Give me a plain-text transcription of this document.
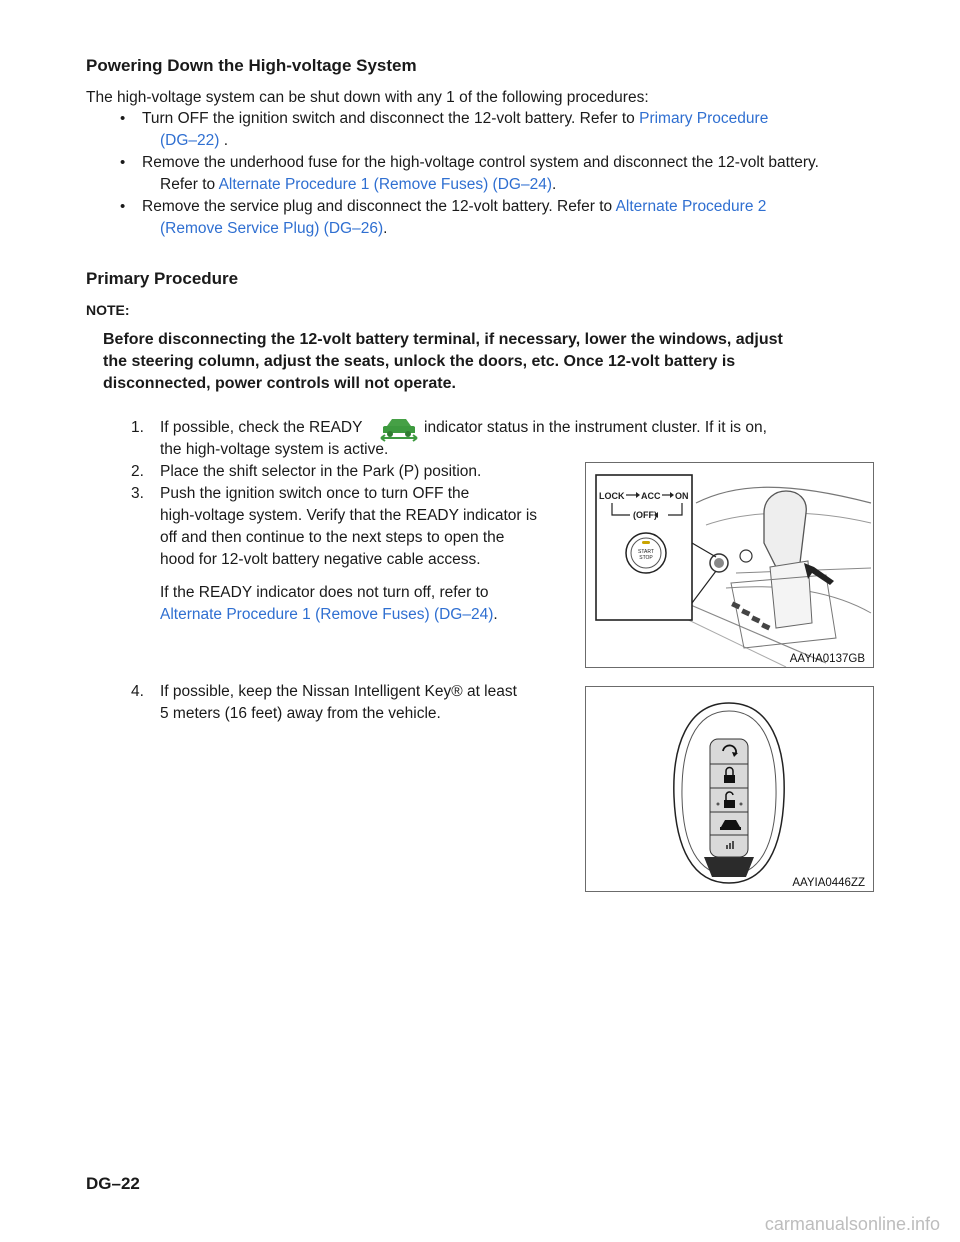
Powering Down the High-voltage System
The high-voltage system can be shut down with any 1 of the following procedures:
• Turn OFF the ignition switch and disconnect the 12-volt battery. Refer to Primary Procedure
(DG–22) .
• Remove the underhood fuse for the high-voltage control system and disconnect the 12-volt battery.
Refer to Alternate Procedure 1 (Remove Fuses) (DG–24).
• Remove the service plug and disconnect the 12-volt battery. Refer to Alternate Procedure 2
(Remove Service Plug) (DG–26).
Primary Procedure
NOTE:
Before disconnecting the 12-volt battery terminal, if necessary, lower the windows, adjust
the steering column, adjust the seats, unlock the doors, etc. Once 12-volt battery is
disconnected, power controls will not operate.
1. If possible, check the READY	indicator status in the instrument cluster. If it is on,
the high-voltage system is active.
2. Place the shift selector in the Park (P) position.
3. Push the ignition switch once to turn OFF the
high-voltage system. Verify that the READY indicator is
off and then continue to the next steps to open the
hood for 12-volt battery negative cable access.
If the READY indicator does not turn off, refer to
Alternate Procedure 1 (Remove Fuses) (DG–24).
4. If possible, keep the Nissan Intelligent Key® at least
5 meters (16 feet) away from the vehicle.
LOCK ACC ON
(OFF)
START
STOP
AAYIA0137GB
AAYIA0446ZZ
DG–22
carmanualsonline.info
